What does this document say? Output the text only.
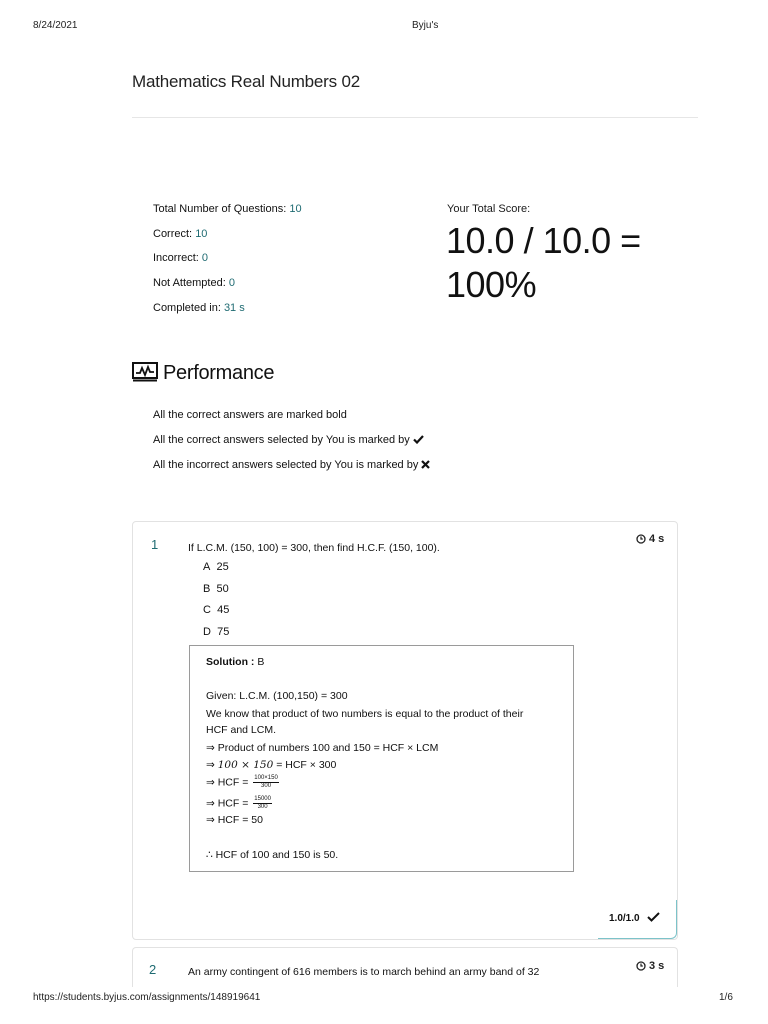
8/24/2021	Byju's
Mathematics Real Numbers 02
Total Number of Questions: 10
Correct: 10
Incorrect: 0
Not Attempted: 0
Completed in: 31 s
Your Total Score:
10.0 / 10.0 =
100%
Performance
All the correct answers are marked bold
All the correct answers selected by You is marked by
All the incorrect answers selected by You is marked by
1	If L.C.M. (150, 100) = 300, then find H.C.F. (150, 100).
4 s
A 25
B 50
C 45
D 75
Solution : B
Given: L.C.M. (100,150) = 300
We know that product of two numbers is equal to the product of their
HCF and LCM.
⇒ Product of numbers 100 and 150 = HCF × LCM
⇒ 100 × 150 = HCF × 300
⇒ HCF = $\frac{100\times 150}{300}$
⇒ HCF = $\frac{15000}{300}$
⇒ HCF = 50
∴ HCF of 100 and 150 is 50.
1.0/1.0
2	An army contingent of 616 members is to march behind an army band of 32	3 s
https://students.byjus.com/assignments/148919641	1/6
